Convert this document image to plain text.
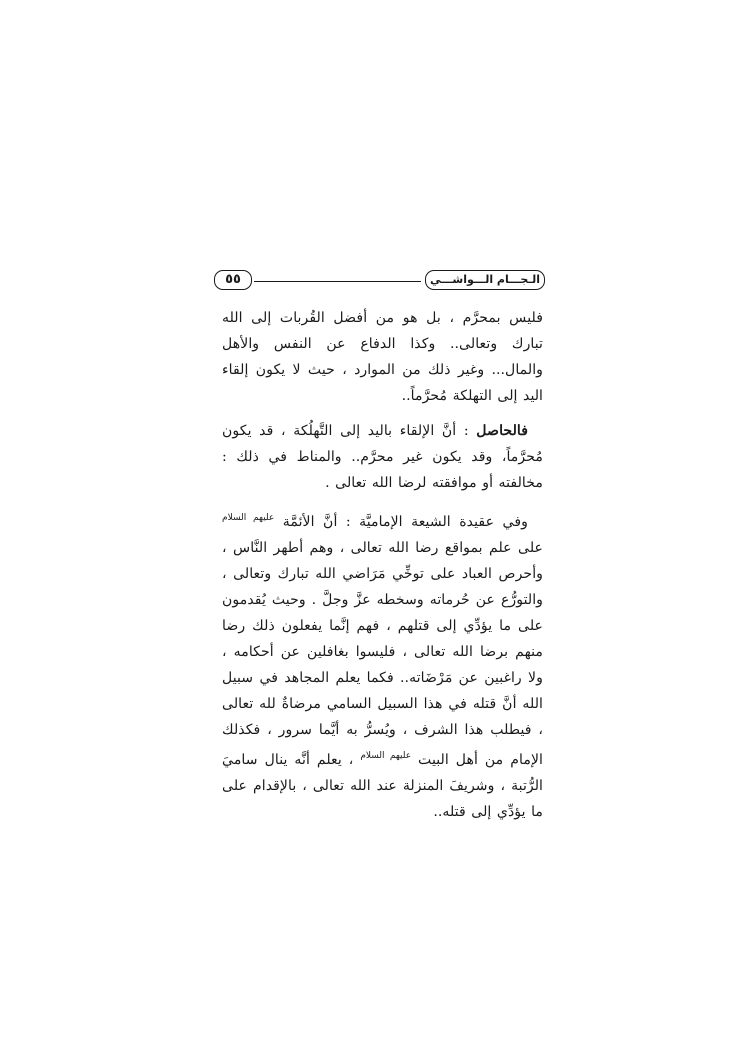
٥٥	الـجـــام الـــواشـــي

فليس بمحرَّم ، بل هو من أفضل القُربات إلى الله تبارك وتعالى.. وكذا الدفاع عن النفس والأهل والمال... وغير ذلك من الموارد ، حيث لا يكون إلقاء اليد إلى التهلكة مُحرَّماً..

فالحاصل : أنَّ الإلقاء باليد إلى التَّهلُكة ، قد يكون مُحرَّماً، وقد يكون غير محرَّم.. والمناط في ذلك : مخالفته أو موافقته لرضا الله تعالى .

وفي عقيدة الشيعة الإماميَّة : أنَّ الأئمَّة $^{عليهم السلام}$ على علم بمواقع رضا الله تعالى ، وهم أطهر النَّاس ، وأحرص العباد على توخِّي مَرَاضي الله تبارك وتعالى ، والتورُّع عن حُرماته وسخطه عزَّ وجلَّ . وحيث يُقدمون على ما يؤدِّي إلى قتلهم ، فهم إنَّما يفعلون ذلك رضا منهم برضا الله تعالى ، فليسوا بغافلين عن أحكامه ، ولا راغبين عن مَرْضَاته.. فكما يعلم المجاهد في سبيل الله أنَّ قتله في هذا السبيل السامي مرضاةٌ لله تعالى ، فيطلب هذا الشرف ، ويُسرُّ به أيَّما سرور ، فكذلك الإمام من أهل البيت $^{عليهم السلام}$ ، يعلم أنَّه ينال ساميَ الرُّتبة ، وشريفَ المنزلة عند الله تعالى ، بالإقدام على ما يؤدِّي إلى قتله..
